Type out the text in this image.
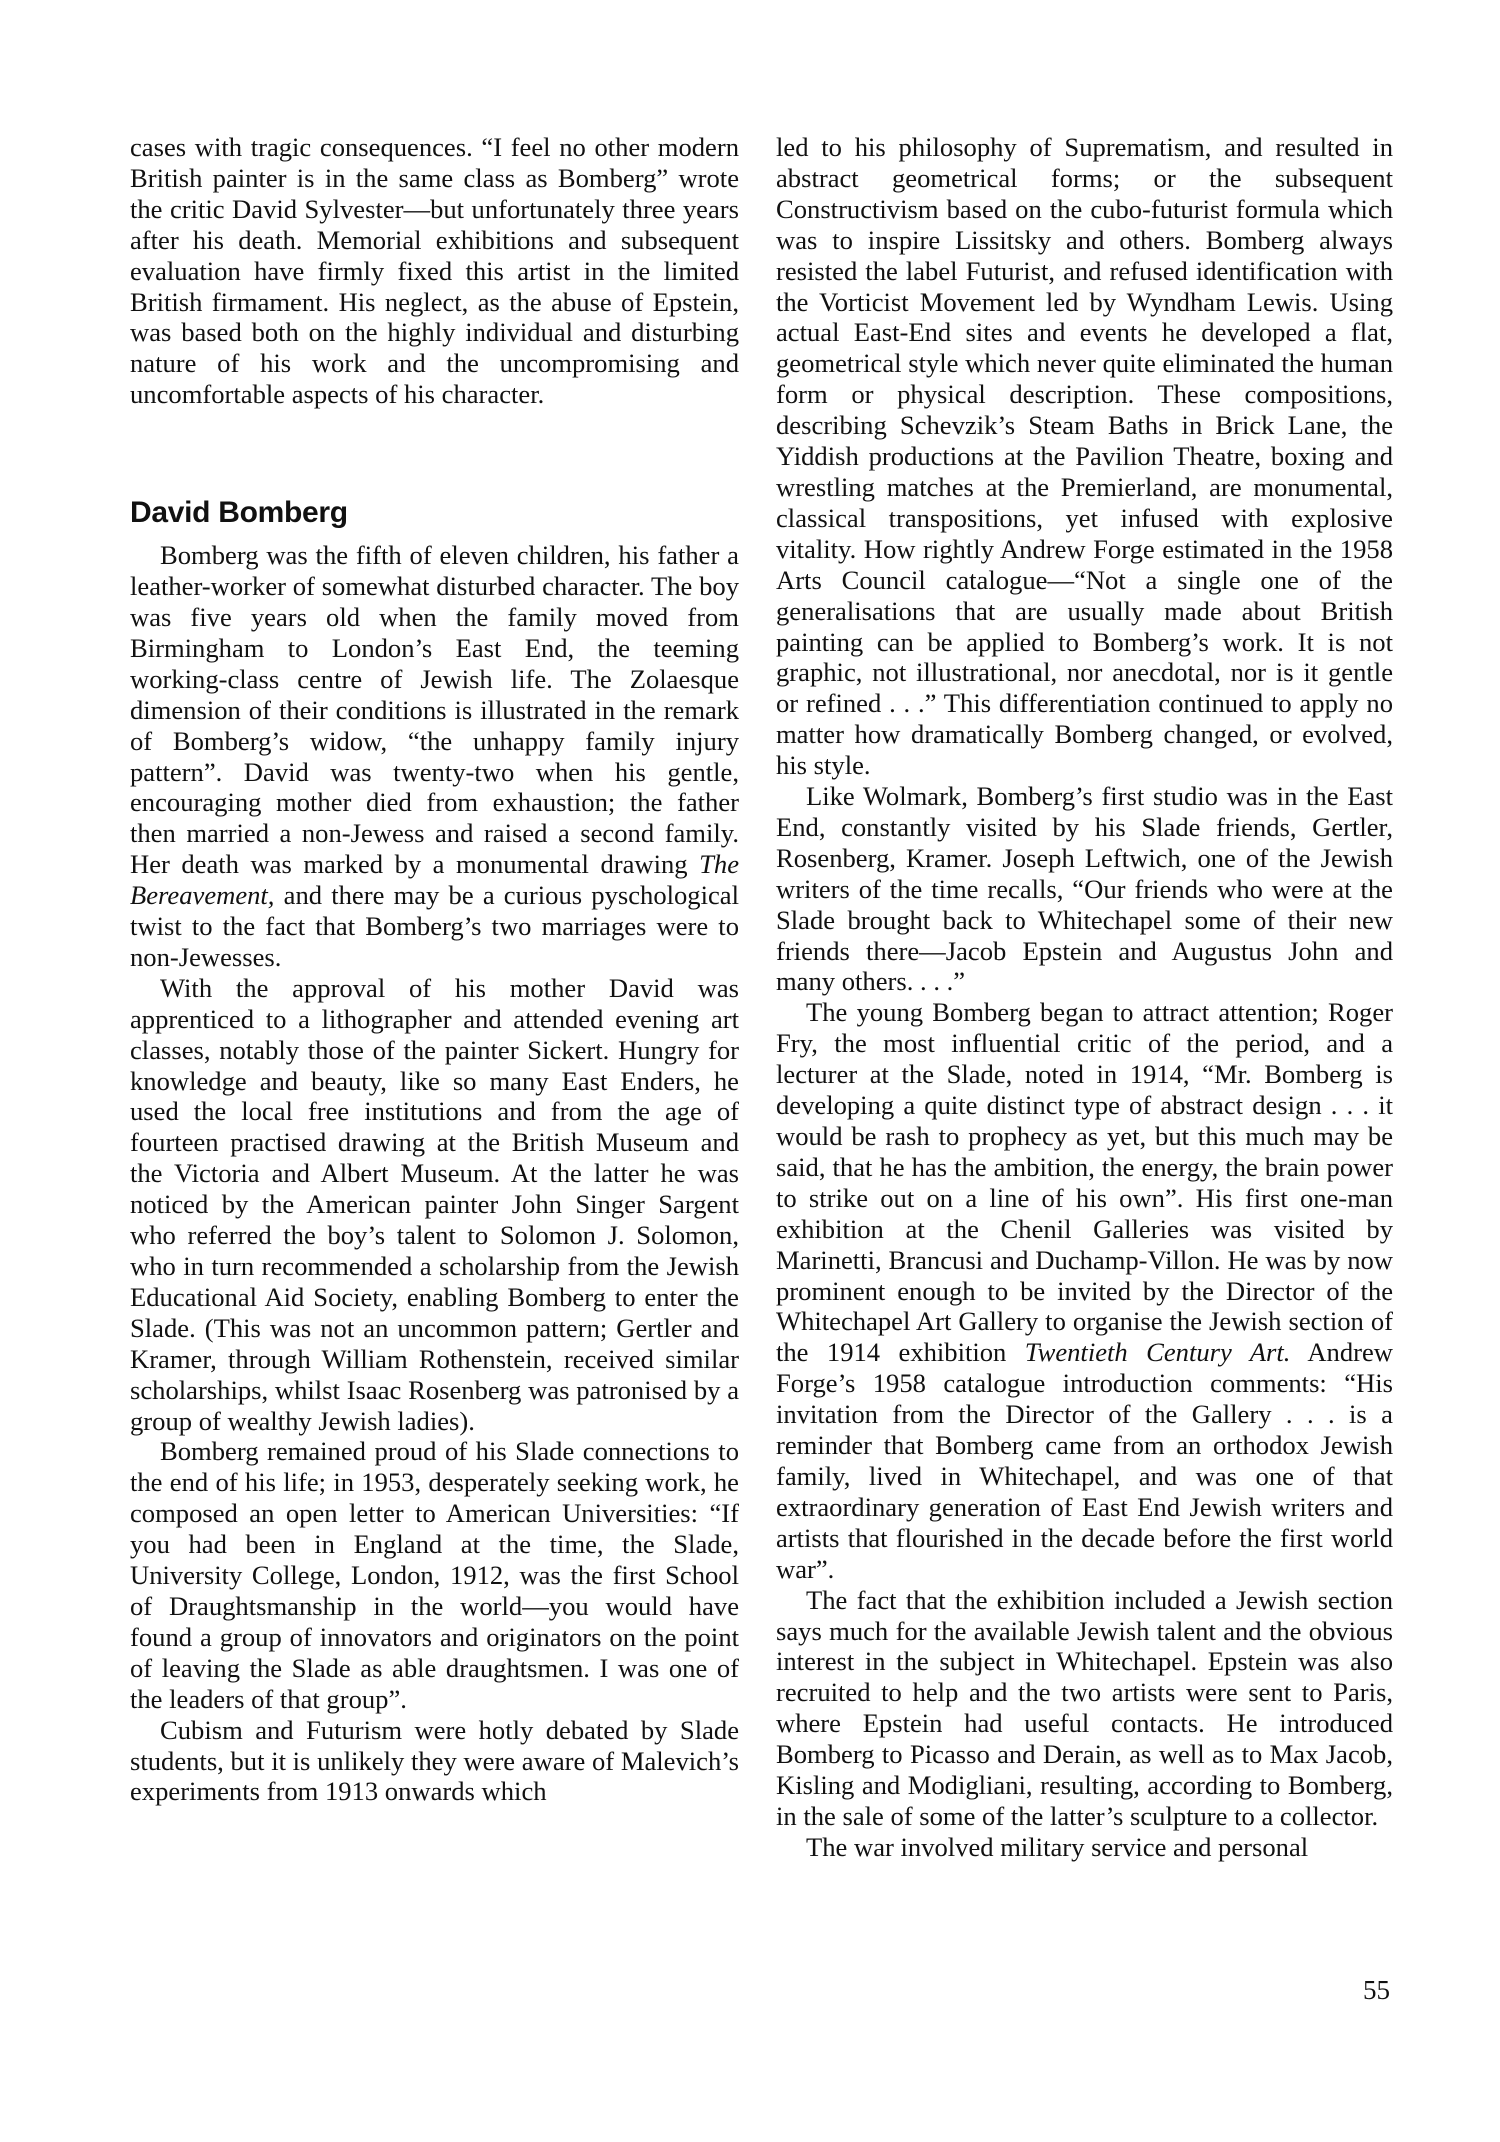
cases with tragic consequences. “I feel no other modern British painter is in the same class as Bomberg” wrote the critic David Sylvester—but unfortunately three years after his death. Memorial exhibitions and subsequent evaluation have firmly fixed this artist in the limited British firmament. His neglect, as the abuse of Epstein, was based both on the highly individual and disturbing nature of his work and the uncompromising and uncomfortable aspects of his character.

David Bomberg

Bomberg was the fifth of eleven children, his father a leather-worker of somewhat disturbed character. The boy was five years old when the family moved from Birmingham to London’s East End, the teeming working-class centre of Jewish life. The Zolaesque dimension of their conditions is illustrated in the remark of Bomberg’s widow, “the unhappy family injury pattern”. David was twenty-two when his gentle, encouraging mother died from exhaustion; the father then married a non-Jewess and raised a second family. Her death was marked by a monumental drawing The Bereavement, and there may be a curious pyschological twist to the fact that Bomberg’s two marriages were to non-Jewesses.

With the approval of his mother David was apprenticed to a lithographer and attended evening art classes, notably those of the painter Sickert. Hungry for knowledge and beauty, like so many East Enders, he used the local free institutions and from the age of fourteen practised drawing at the British Museum and the Victoria and Albert Museum. At the latter he was noticed by the American painter John Singer Sargent who referred the boy’s talent to Solomon J. Solomon, who in turn recommended a scholarship from the Jewish Educational Aid Society, enabling Bomberg to enter the Slade. (This was not an uncommon pattern; Gertler and Kramer, through William Rothenstein, received similar scholarships, whilst Isaac Rosenberg was patronised by a group of wealthy Jewish ladies).

Bomberg remained proud of his Slade connections to the end of his life; in 1953, desperately seeking work, he composed an open letter to American Universities: “If you had been in England at the time, the Slade, University College, London, 1912, was the first School of Draughtsmanship in the world—you would have found a group of innovators and originators on the point of leaving the Slade as able draughtsmen. I was one of the leaders of that group”.

Cubism and Futurism were hotly debated by Slade students, but it is unlikely they were aware of Malevich’s experiments from 1913 onwards which

led to his philosophy of Suprematism, and resulted in abstract geometrical forms; or the subsequent Constructivism based on the cubo-futurist formula which was to inspire Lissitsky and others. Bomberg always resisted the label Futurist, and refused identification with the Vorticist Movement led by Wyndham Lewis. Using actual East-End sites and events he developed a flat, geometrical style which never quite eliminated the human form or physical description. These compositions, describing Schevzik’s Steam Baths in Brick Lane, the Yiddish productions at the Pavilion Theatre, boxing and wrestling matches at the Premierland, are monumental, classical transpositions, yet infused with explosive vitality. How rightly Andrew Forge estimated in the 1958 Arts Council catalogue—“Not a single one of the generalisations that are usually made about British painting can be applied to Bomberg’s work. It is not graphic, not illustrational, nor anecdotal, nor is it gentle or refined . . .” This differentiation continued to apply no matter how dramatically Bomberg changed, or evolved, his style.

Like Wolmark, Bomberg’s first studio was in the East End, constantly visited by his Slade friends, Gertler, Rosenberg, Kramer. Joseph Leftwich, one of the Jewish writers of the time recalls, “Our friends who were at the Slade brought back to Whitechapel some of their new friends there—Jacob Epstein and Augustus John and many others. . . .”

The young Bomberg began to attract attention; Roger Fry, the most influential critic of the period, and a lecturer at the Slade, noted in 1914, “Mr. Bomberg is developing a quite distinct type of abstract design . . . it would be rash to prophecy as yet, but this much may be said, that he has the ambition, the energy, the brain power to strike out on a line of his own”. His first one-man exhibition at the Chenil Galleries was visited by Marinetti, Brancusi and Duchamp-Villon. He was by now prominent enough to be invited by the Director of the Whitechapel Art Gallery to organise the Jewish section of the 1914 exhibition Twentieth Century Art. Andrew Forge’s 1958 catalogue introduction comments: “His invitation from the Director of the Gallery . . . is a reminder that Bomberg came from an orthodox Jewish family, lived in Whitechapel, and was one of that extraordinary generation of East End Jewish writers and artists that flourished in the decade before the first world war”.

The fact that the exhibition included a Jewish section says much for the available Jewish talent and the obvious interest in the subject in Whitechapel. Epstein was also recruited to help and the two artists were sent to Paris, where Epstein had useful contacts. He introduced Bomberg to Picasso and Derain, as well as to Max Jacob, Kisling and Modigliani, resulting, according to Bomberg, in the sale of some of the latter’s sculpture to a collector.

The war involved military service and personal

55
